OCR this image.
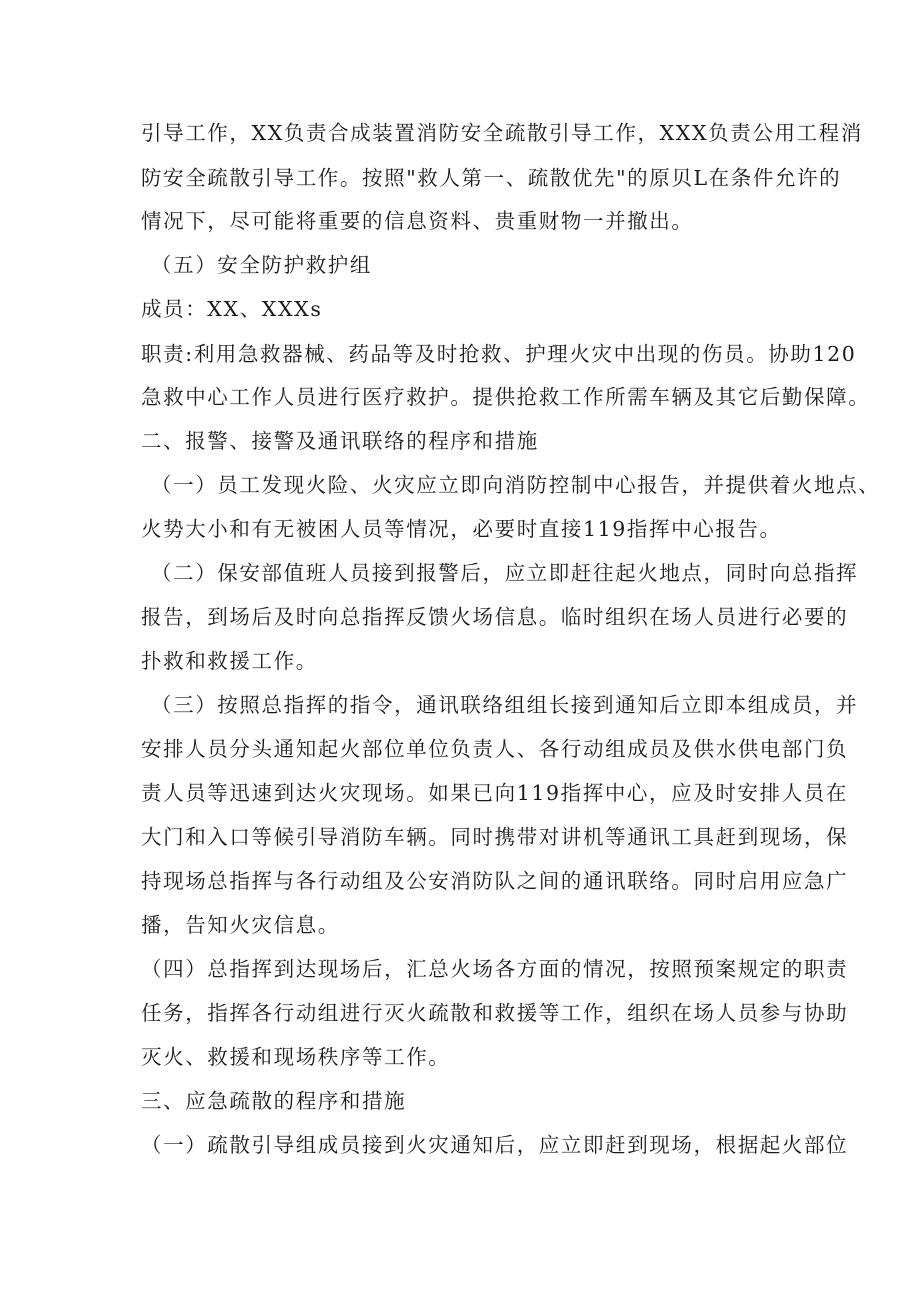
引导工作，XX负责合成装置消防安全疏散引导工作，XXX负责公用工程消
防安全疏散引导工作。按照"救人第一、疏散优先"的原贝L在条件允许的
情况下，尽可能将重要的信息资料、贵重财物一并撤出。
（五）安全防护救护组
成员：XX、XXXs
职责:利用急救器械、药品等及时抢救、护理火灾中出现的伤员。协助120
急救中心工作人员进行医疗救护。提供抢救工作所需车辆及其它后勤保障。
二、报警、接警及通讯联络的程序和措施
（一）员工发现火险、火灾应立即向消防控制中心报告，并提供着火地点、
火势大小和有无被困人员等情况，必要时直接119指挥中心报告。
（二）保安部值班人员接到报警后，应立即赶往起火地点，同时向总指挥
报告，到场后及时向总指挥反馈火场信息。临时组织在场人员进行必要的
扑救和救援工作。
（三）按照总指挥的指令，通讯联络组组长接到通知后立即本组成员，并
安排人员分头通知起火部位单位负责人、各行动组成员及供水供电部门负
责人员等迅速到达火灾现场。如果已向119指挥中心，应及时安排人员在
大门和入口等候引导消防车辆。同时携带对讲机等通讯工具赶到现场，保
持现场总指挥与各行动组及公安消防队之间的通讯联络。同时启用应急广
播，告知火灾信息。
（四）总指挥到达现场后，汇总火场各方面的情况，按照预案规定的职责
任务，指挥各行动组进行灭火疏散和救援等工作，组织在场人员参与协助
灭火、救援和现场秩序等工作。
三、应急疏散的程序和措施
（一）疏散引导组成员接到火灾通知后，应立即赶到现场，根据起火部位
